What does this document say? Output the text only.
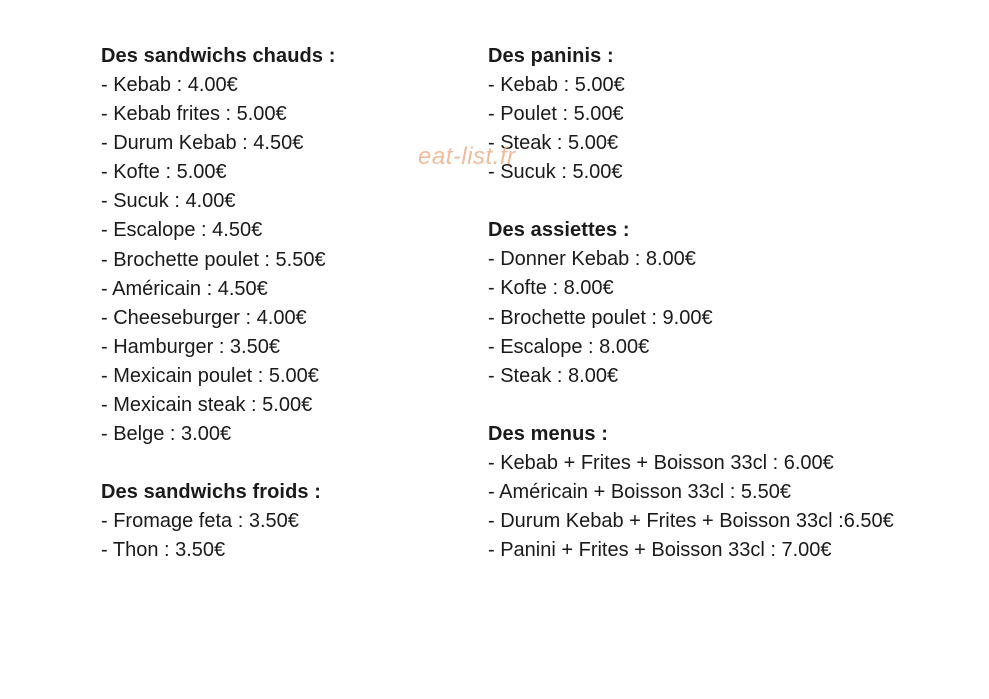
Des sandwichs chauds :
- Kebab : 4.00€
- Kebab frites : 5.00€
- Durum Kebab : 4.50€
- Kofte : 5.00€
- Sucuk : 4.00€
- Escalope : 4.50€
- Brochette poulet : 5.50€
- Américain : 4.50€
- Cheeseburger : 4.00€
- Hamburger : 3.50€
- Mexicain poulet : 5.00€
- Mexicain steak : 5.00€
- Belge : 3.00€
Des sandwichs froids :
- Fromage feta : 3.50€
- Thon : 3.50€
Des paninis :
- Kebab : 5.00€
- Poulet : 5.00€
- Steak : 5.00€
- Sucuk : 5.00€
Des assiettes :
- Donner Kebab : 8.00€
- Kofte : 8.00€
- Brochette poulet : 9.00€
- Escalope : 8.00€
- Steak : 8.00€
Des menus :
- Kebab + Frites + Boisson 33cl : 6.00€
- Américain + Boisson 33cl : 5.50€
- Durum Kebab + Frites + Boisson 33cl :6.50€
- Panini + Frites + Boisson 33cl : 7.00€
eat-list.fr
